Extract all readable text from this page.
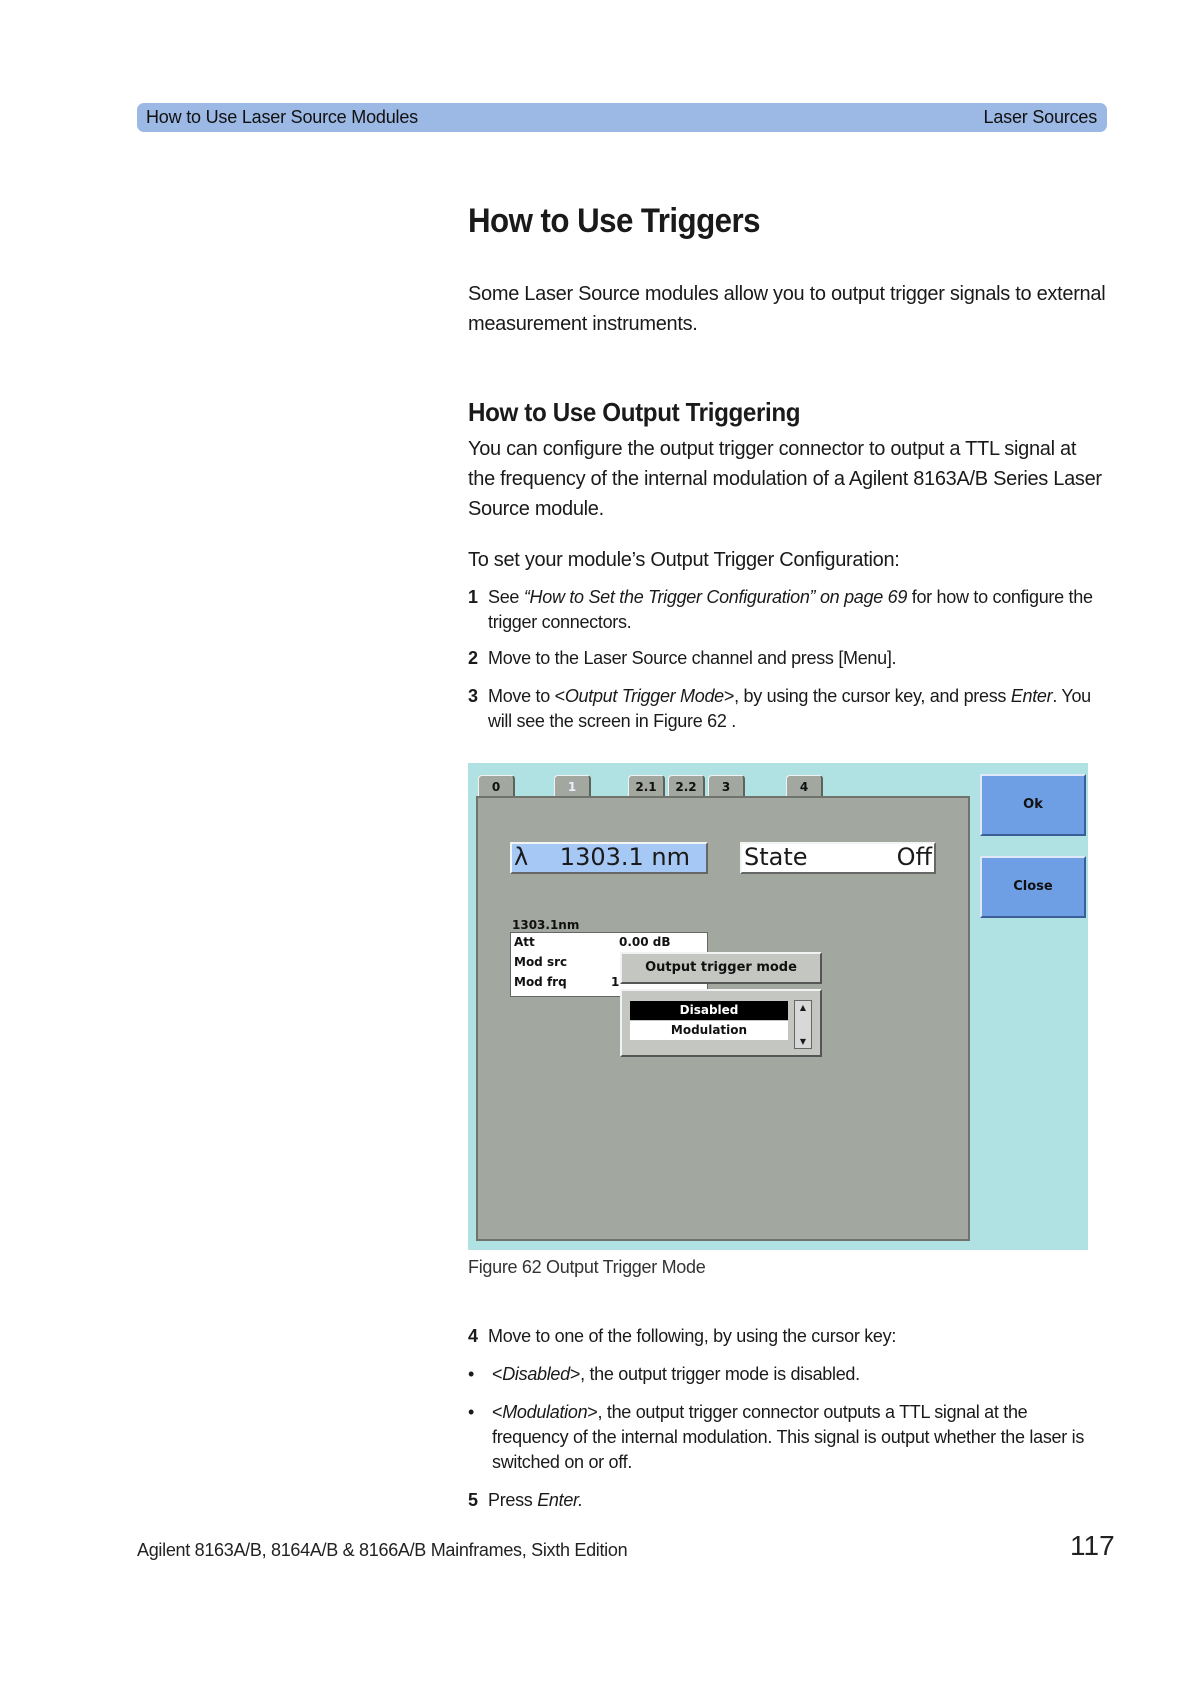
How to Use Laser Source Modules	Laser Sources
How to Use Triggers

Some Laser Source modules allow you to output trigger signals to external measurement instruments.

How to Use Output Triggering

You can configure the output trigger connector to output a TTL signal at the frequency of the internal modulation of a Agilent 8163A/B Series Laser Source module.

To set your module’s Output Trigger Configuration:

1 See “How to Set the Trigger Configuration” on page 69 for how to configure the trigger connectors.
2 Move to the Laser Source channel and press [Menu].
3 Move to <Output Trigger Mode>, by using the cursor key, and press Enter. You will see the screen in Figure 62 .
0	1	2.1	2.2	3	4
λ 1303.1 nm State	Off
1303.1nm
Att	0.00 dB
Mod src
Mod frq	1
Output trigger mode
Disabled
Modulation
▲
▼
Ok
Close
Figure 62 Output Trigger Mode
4 Move to one of the following, by using the cursor key:
• <Disabled>, the output trigger mode is disabled.
• <Modulation>, the output trigger connector outputs a TTL signal at the frequency of the internal modulation. This signal is output whether the laser is switched on or off.
5 Press Enter.
Agilent 8163A/B, 8164A/B & 8166A/B Mainframes, Sixth Edition	117
